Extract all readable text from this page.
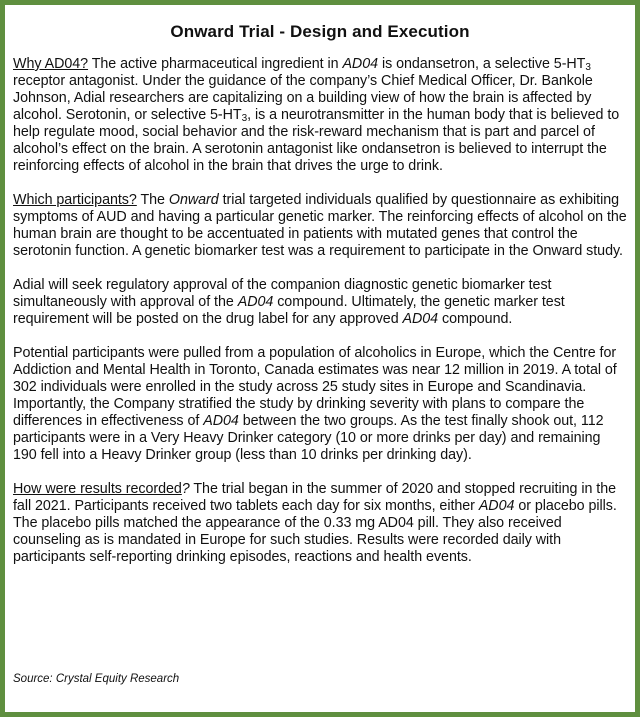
Onward Trial - Design and Execution

Why AD04? The active pharmaceutical ingredient in AD04 is ondansetron, a selective $5-HT_3$ receptor antagonist. Under the guidance of the company’s Chief Medical Officer, Dr. Bankole Johnson, Adial researchers are capitalizing on a building view of how the brain is affected by alcohol. Serotonin, or selective $5-HT_3$, is a neurotransmitter in the human body that is believed to help regulate mood, social behavior and the risk-reward mechanism that is part and parcel of alcohol’s effect on the brain. A serotonin antagonist like ondansetron is believed to interrupt the reinforcing effects of alcohol in the brain that drives the urge to drink.

Which participants? The Onward trial targeted individuals qualified by questionnaire as exhibiting symptoms of AUD and having a particular genetic marker. The reinforcing effects of alcohol on the human brain are thought to be accentuated in patients with mutated genes that control the serotonin function. A genetic biomarker test was a requirement to participate in the Onward study.

Adial will seek regulatory approval of the companion diagnostic genetic biomarker test simultaneously with approval of the AD04 compound. Ultimately, the genetic marker test requirement will be posted on the drug label for any approved AD04 compound.

Potential participants were pulled from a population of alcoholics in Europe, which the Centre for Addiction and Mental Health in Toronto, Canada estimates was near 12 million in 2019. A total of 302 individuals were enrolled in the study across 25 study sites in Europe and Scandinavia. Importantly, the Company stratified the study by drinking severity with plans to compare the differences in effectiveness of AD04 between the two groups. As the test finally shook out, 112 participants were in a Very Heavy Drinker category (10 or more drinks per day) and remaining 190 fell into a Heavy Drinker group (less than 10 drinks per drinking day).

How were results recorded? The trial began in the summer of 2020 and stopped recruiting in the fall 2021. Participants received two tablets each day for six months, either AD04 or placebo pills. The placebo pills matched the appearance of the 0.33 mg AD04 pill. They also received counseling as is mandated in Europe for such studies. Results were recorded daily with participants self-reporting drinking episodes, reactions and health events.

Source: Crystal Equity Research
